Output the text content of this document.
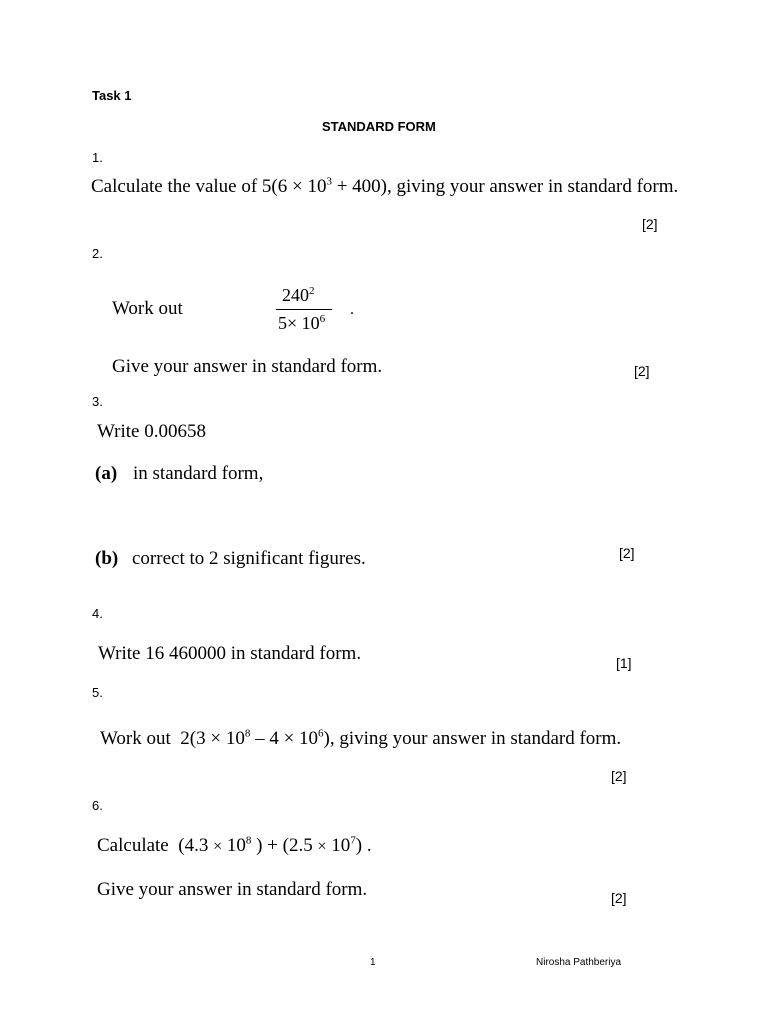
Task 1
STANDARD FORM
1.
Calculate the value of $5(6 \times 10^3 + 400)$, giving your answer in standard form.
[2]
2.
Work out
$240^2$
$5\times 10^6$
.
Give your answer in standard form.	[2]
3.
Write 0.00658
(a) in standard form,
(b) correct to 2 significant figures.	[2]
4.
Write 16 460000 in standard form.	[1]
5.
Work out $2(3 \times 10^8 - 4 \times 10^6)$, giving your answer in standard form.
[2]
6.
Calculate ($4.3 \times 10^8$ ) + $(2.5 \times 10^7)$ .
Give your answer in standard form.	[2]
1	Nirosha Pathberiya
